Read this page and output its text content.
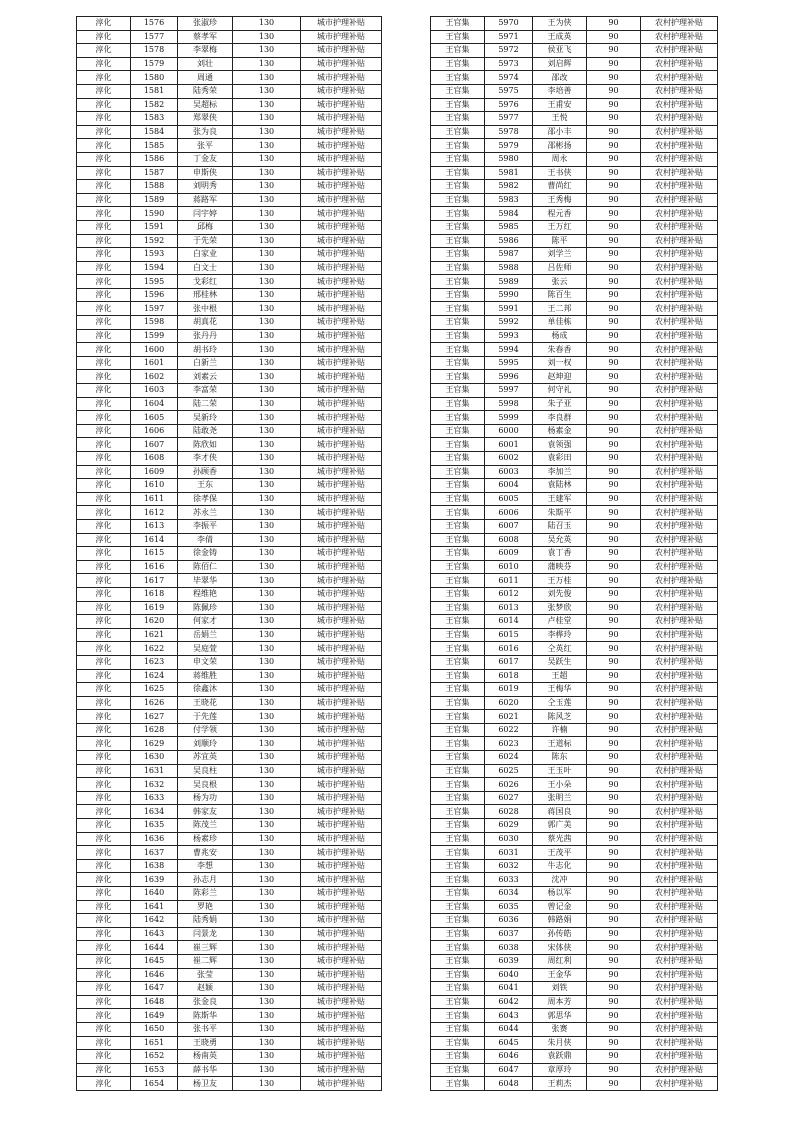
淳化	1576	张淑珍	130	城市护理补贴
淳化	1577	蔡孝军	130	城市护理补贴
淳化	1578	李翠梅	130	城市护理补贴
淳化	1579	刘壮	130	城市护理补贴
淳化	1580	周通	130	城市护理补贴
淳化	1581	陆秀荣	130	城市护理补贴
淳化	1582	吴超标	130	城市护理补贴
淳化	1583	郑翠侠	130	城市护理补贴
淳化	1584	张为良	130	城市护理补贴
淳化	1585	张平	130	城市护理补贴
淳化	1586	丁金友	130	城市护理补贴
淳化	1587	申斯侠	130	城市护理补贴
淳化	1588	刘明秀	130	城市护理补贴
淳化	1589	蒋路军	130	城市护理补贴
淳化	1590	闫宇婷	130	城市护理补贴
淳化	1591	邱梅	130	城市护理补贴
淳化	1592	于先荣	130	城市护理补贴
淳化	1593	白家业	130	城市护理补贴
淳化	1594	白文士	130	城市护理补贴
淳化	1595	戈彩红	130	城市护理补贴
淳化	1596	邢桂林	130	城市护理补贴
淳化	1597	张中根	130	城市护理补贴
淳化	1598	胡真花	130	城市护理补贴
淳化	1599	张丹丹	130	城市护理补贴
淳化	1600	胡书玲	130	城市护理补贴
淳化	1601	白新兰	130	城市护理补贴
淳化	1602	刘素云	130	城市护理补贴
淳化	1603	李富荣	130	城市护理补贴
淳化	1604	陆二荣	130	城市护理补贴
淳化	1605	吴新玲	130	城市护理补贴
淳化	1606	陆敢尧	130	城市护理补贴
淳化	1607	陈欣如	130	城市护理补贴
淳化	1608	李才侠	130	城市护理补贴
淳化	1609	孙顾香	130	城市护理补贴
淳化	1610	王东	130	城市护理补贴
淳化	1611	徐孝保	130	城市护理补贴
淳化	1612	苏永兰	130	城市护理补贴
淳化	1613	李振平	130	城市护理补贴
淳化	1614	李倩	130	城市护理补贴
淳化	1615	徐金铸	130	城市护理补贴
淳化	1616	陈佰仁	130	城市护理补贴
淳化	1617	毕翠华	130	城市护理补贴
淳化	1618	程维艳	130	城市护理补贴
淳化	1619	陈佩珍	130	城市护理补贴
淳化	1620	何家才	130	城市护理补贴
淳化	1621	岳娟兰	130	城市护理补贴
淳化	1622	吴庭萱	130	城市护理补贴
淳化	1623	申文荣	130	城市护理补贴
淳化	1624	蒋维胜	130	城市护理补贴
淳化	1625	徐鑫沐	130	城市护理补贴
淳化	1626	王晓花	130	城市护理补贴
淳化	1627	于先莲	130	城市护理补贴
淳化	1628	付学领	130	城市护理补贴
淳化	1629	刘顺玲	130	城市护理补贴
淳化	1630	苏宜英	130	城市护理补贴
淳化	1631	吴良柱	130	城市护理补贴
淳化	1632	吴良根	130	城市护理补贴
淳化	1633	杨为功	130	城市护理补贴
淳化	1634	韩家友	130	城市护理补贴
淳化	1635	陈茂兰	130	城市护理补贴
淳化	1636	杨素珍	130	城市护理补贴
淳化	1637	曹兆安	130	城市护理补贴
淳化	1638	李想	130	城市护理补贴
淳化	1639	孙志月	130	城市护理补贴
淳化	1640	陈彩兰	130	城市护理补贴
淳化	1641	罗艳	130	城市护理补贴
淳化	1642	陆秀娟	130	城市护理补贴
淳化	1643	闫景龙	130	城市护理补贴
淳化	1644	崔三辉	130	城市护理补贴
淳化	1645	崔二辉	130	城市护理补贴
淳化	1646	张莹	130	城市护理补贴
淳化	1647	赵颖	130	城市护理补贴
淳化	1648	张金良	130	城市护理补贴
淳化	1649	陈斯华	130	城市护理补贴
淳化	1650	张书平	130	城市护理补贴
淳化	1651	王晓勇	130	城市护理补贴
淳化	1652	杨南英	130	城市护理补贴
淳化	1653	薛书华	130	城市护理补贴
淳化	1654	杨卫友	130	城市护理补贴
王官集	5970	王为侠	90	农村护理补贴
王官集	5971	王成英	90	农村护理补贴
王官集	5972	侯亚飞	90	农村护理补贴
王官集	5973	刘启辉	90	农村护理补贴
王官集	5974	邵改	90	农村护理补贴
王官集	5975	李培善	90	农村护理补贴
王官集	5976	王甫安	90	农村护理补贴
王官集	5977	王悦	90	农村护理补贴
王官集	5978	邵小丰	90	农村护理补贴
王官集	5979	邵彬扬	90	农村护理补贴
王官集	5980	周永	90	农村护理补贴
王官集	5981	王书侠	90	农村护理补贴
王官集	5982	曹尚红	90	农村护理补贴
王官集	5983	王秀梅	90	农村护理补贴
王官集	5984	程元香	90	农村护理补贴
王官集	5985	王万红	90	农村护理补贴
王官集	5986	陈平	90	农村护理补贴
王官集	5987	刘学兰	90	农村护理补贴
王官集	5988	吕佐师	90	农村护理补贴
王官集	5989	张云	90	农村护理补贴
王官集	5990	陈百生	90	农村护理补贴
王官集	5991	王二邦	90	农村护理补贴
王官集	5992	单佳栋	90	农村护理补贴
王官集	5993	杨成	90	农村护理补贴
王官集	5994	朱春香	90	农村护理补贴
王官集	5995	刘一权	90	农村护理补贴
王官集	5996	赵坤迎	90	农村护理补贴
王官集	5997	何守礼	90	农村护理补贴
王官集	5998	朱子亚	90	农村护理补贴
王官集	5999	李良群	90	农村护理补贴
王官集	6000	杨素金	90	农村护理补贴
王官集	6001	袁领强	90	农村护理补贴
王官集	6002	袁彩田	90	农村护理补贴
王官集	6003	李加兰	90	农村护理补贴
王官集	6004	袁陆林	90	农村护理补贴
王官集	6005	王建军	90	农村护理补贴
王官集	6006	朱斯平	90	农村护理补贴
王官集	6007	陆召玉	90	农村护理补贴
王官集	6008	吴允英	90	农村护理补贴
王官集	6009	袁丁香	90	农村护理补贴
王官集	6010	蒲映芬	90	农村护理补贴
王官集	6011	王万桂	90	农村护理补贴
王官集	6012	刘先俊	90	农村护理补贴
王官集	6013	张梦欣	90	农村护理补贴
王官集	6014	卢桂堂	90	农村护理补贴
王官集	6015	李桦玲	90	农村护理补贴
王官集	6016	仝英红	90	农村护理补贴
王官集	6017	吴跃生	90	农村护理补贴
王官集	6018	王超	90	农村护理补贴
王官集	6019	王梅华	90	农村护理补贴
王官集	6020	仝玉莲	90	农村护理补贴
王官集	6021	陈风芝	90	农村护理补贴
王官集	6022	许楠	90	农村护理补贴
王官集	6023	王道标	90	农村护理补贴
王官集	6024	陈东	90	农村护理补贴
王官集	6025	王玉叶	90	农村护理补贴
王官集	6026	王小朵	90	农村护理补贴
王官集	6027	张明兰	90	农村护理补贴
王官集	6028	蒋国良	90	农村护理补贴
王官集	6029	郭广美	90	农村护理补贴
王官集	6030	蔡光茜	90	农村护理补贴
王官集	6031	王茂平	90	农村护理补贴
王官集	6032	牛志化	90	农村护理补贴
王官集	6033	沈冲	90	农村护理补贴
王官集	6034	杨以军	90	农村护理补贴
王官集	6035	曾记金	90	农村护理补贴
王官集	6036	韩路娟	90	农村护理补贴
王官集	6037	孙传皓	90	农村护理补贴
王官集	6038	宋体侠	90	农村护理补贴
王官集	6039	周红利	90	农村护理补贴
王官集	6040	王金华	90	农村护理补贴
王官集	6041	刘铁	90	农村护理补贴
王官集	6042	周本芳	90	农村护理补贴
王官集	6043	郭思华	90	农村护理补贴
王官集	6044	张赛	90	农村护理补贴
王官集	6045	朱月侠	90	农村护理补贴
王官集	6046	袁跃鼎	90	农村护理补贴
王官集	6047	章厚玲	90	农村护理补贴
王官集	6048	王莉杰	90	农村护理补贴
